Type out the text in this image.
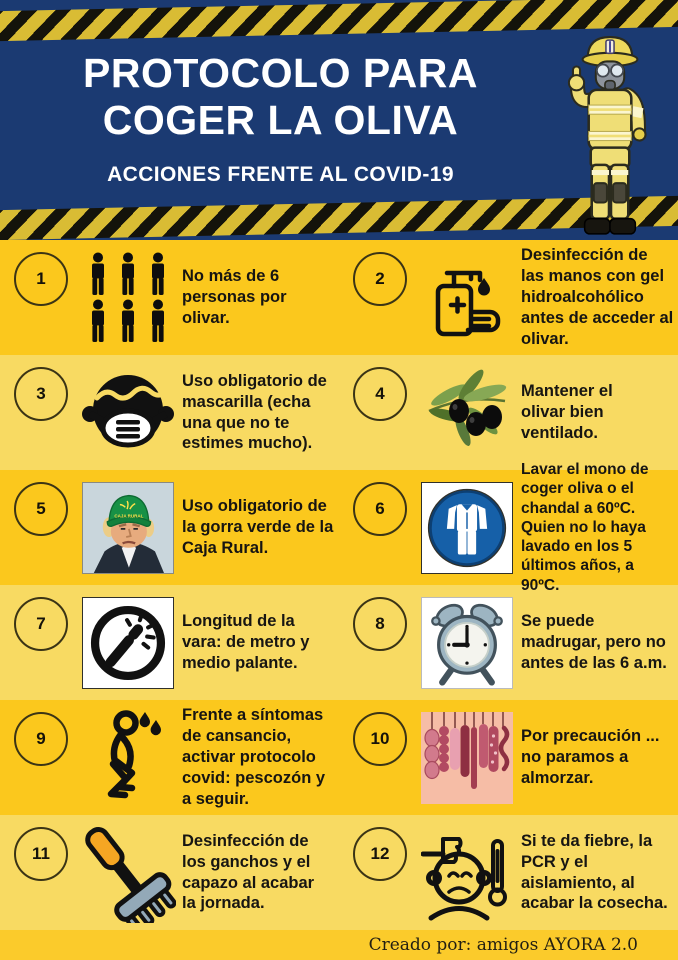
PROTOCOLO PARA
COGER LA OLIVA
ACCIONES FRENTE AL COVID-19
1	No más de 6 personas por olivar.
2
Desinfección de las manos con gel hidroalcohólico antes de acceder al olivar.
3
Uso obligatorio de mascarilla (echa una que no te estimes mucho).
4	Mantener el olivar bien ventilado.
5	CAJA RURAL
Uso obligatorio de la gorra verde de la Caja Rural.
6
Lavar el mono de coger oliva o el chandal a 60ºC. Quien no lo haya lavado en los 5 últimos años, a 90ºC.
7	Longitud de la vara: de metro y medio palante.
8	Se puede madrugar, pero no antes de las 6 a.m.
9
Frente a síntomas de cansancio, activar protocolo covid: pescozón y a seguir.
10	Por precaución ... no paramos a almorzar.
11
Desinfección de los ganchos y el capazo al acabar la jornada.
12
Si te da fiebre, la PCR y el aislamiento, al acabar la cosecha.
Creado por: amigos AYORA 2.0
